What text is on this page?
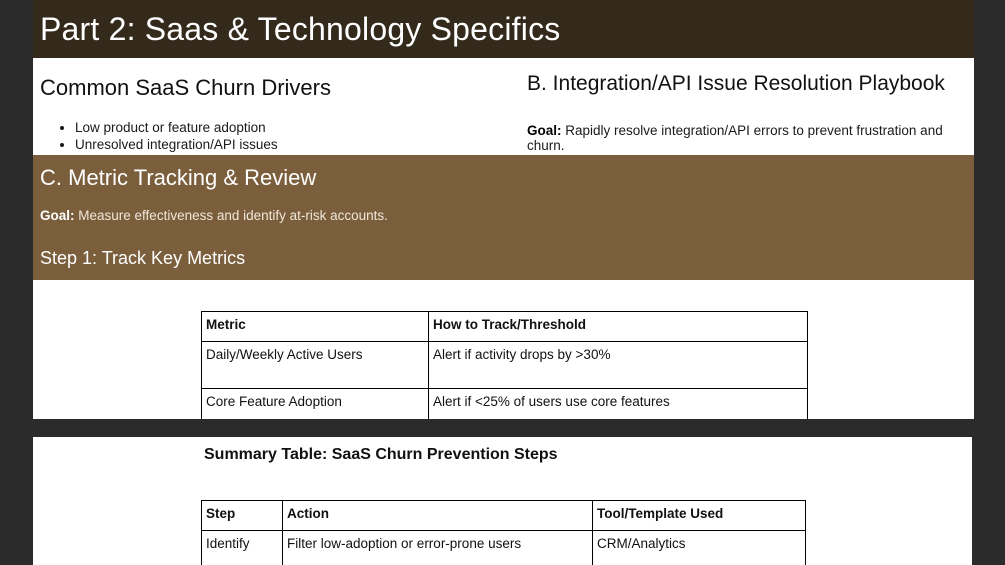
Part 2: Saas & Technology Specifics
Common SaaS Churn Drivers
• Low product or feature adoption
• Unresolved integration/API issues
B. Integration/API Issue Resolution Playbook
Goal: Rapidly resolve integration/API errors to prevent frustration and churn.
C. Metric Tracking & Review
Goal: Measure effectiveness and identify at-risk accounts.
Step 1: Track Key Metrics
Metric	How to Track/Threshold
Daily/Weekly Active Users	Alert if activity drops by >30%
Core Feature Adoption	Alert if <25% of users use core features
Summary Table: SaaS Churn Prevention Steps
Step	Action	Tool/Template Used
Identify	Filter low-adoption or error-prone users	CRM/Analytics
